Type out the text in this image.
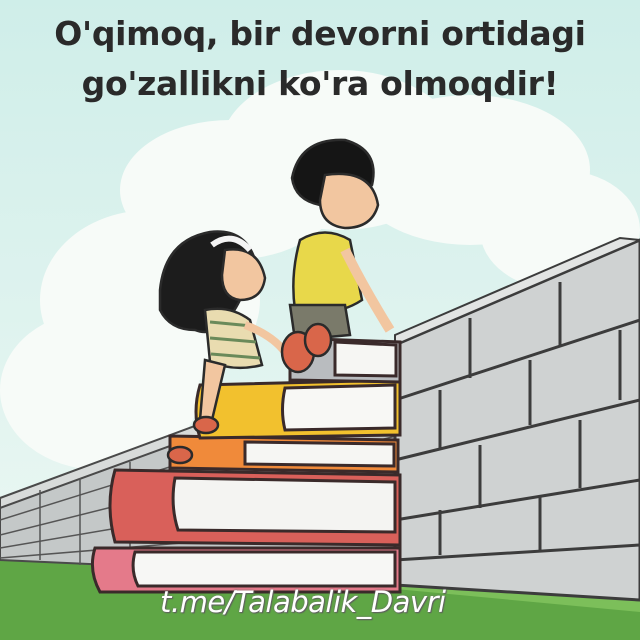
O'qimoq, bir devorni ortidagi
go'zallikni ko'ra olmoqdir!
t.me/Talabalik_Davri
